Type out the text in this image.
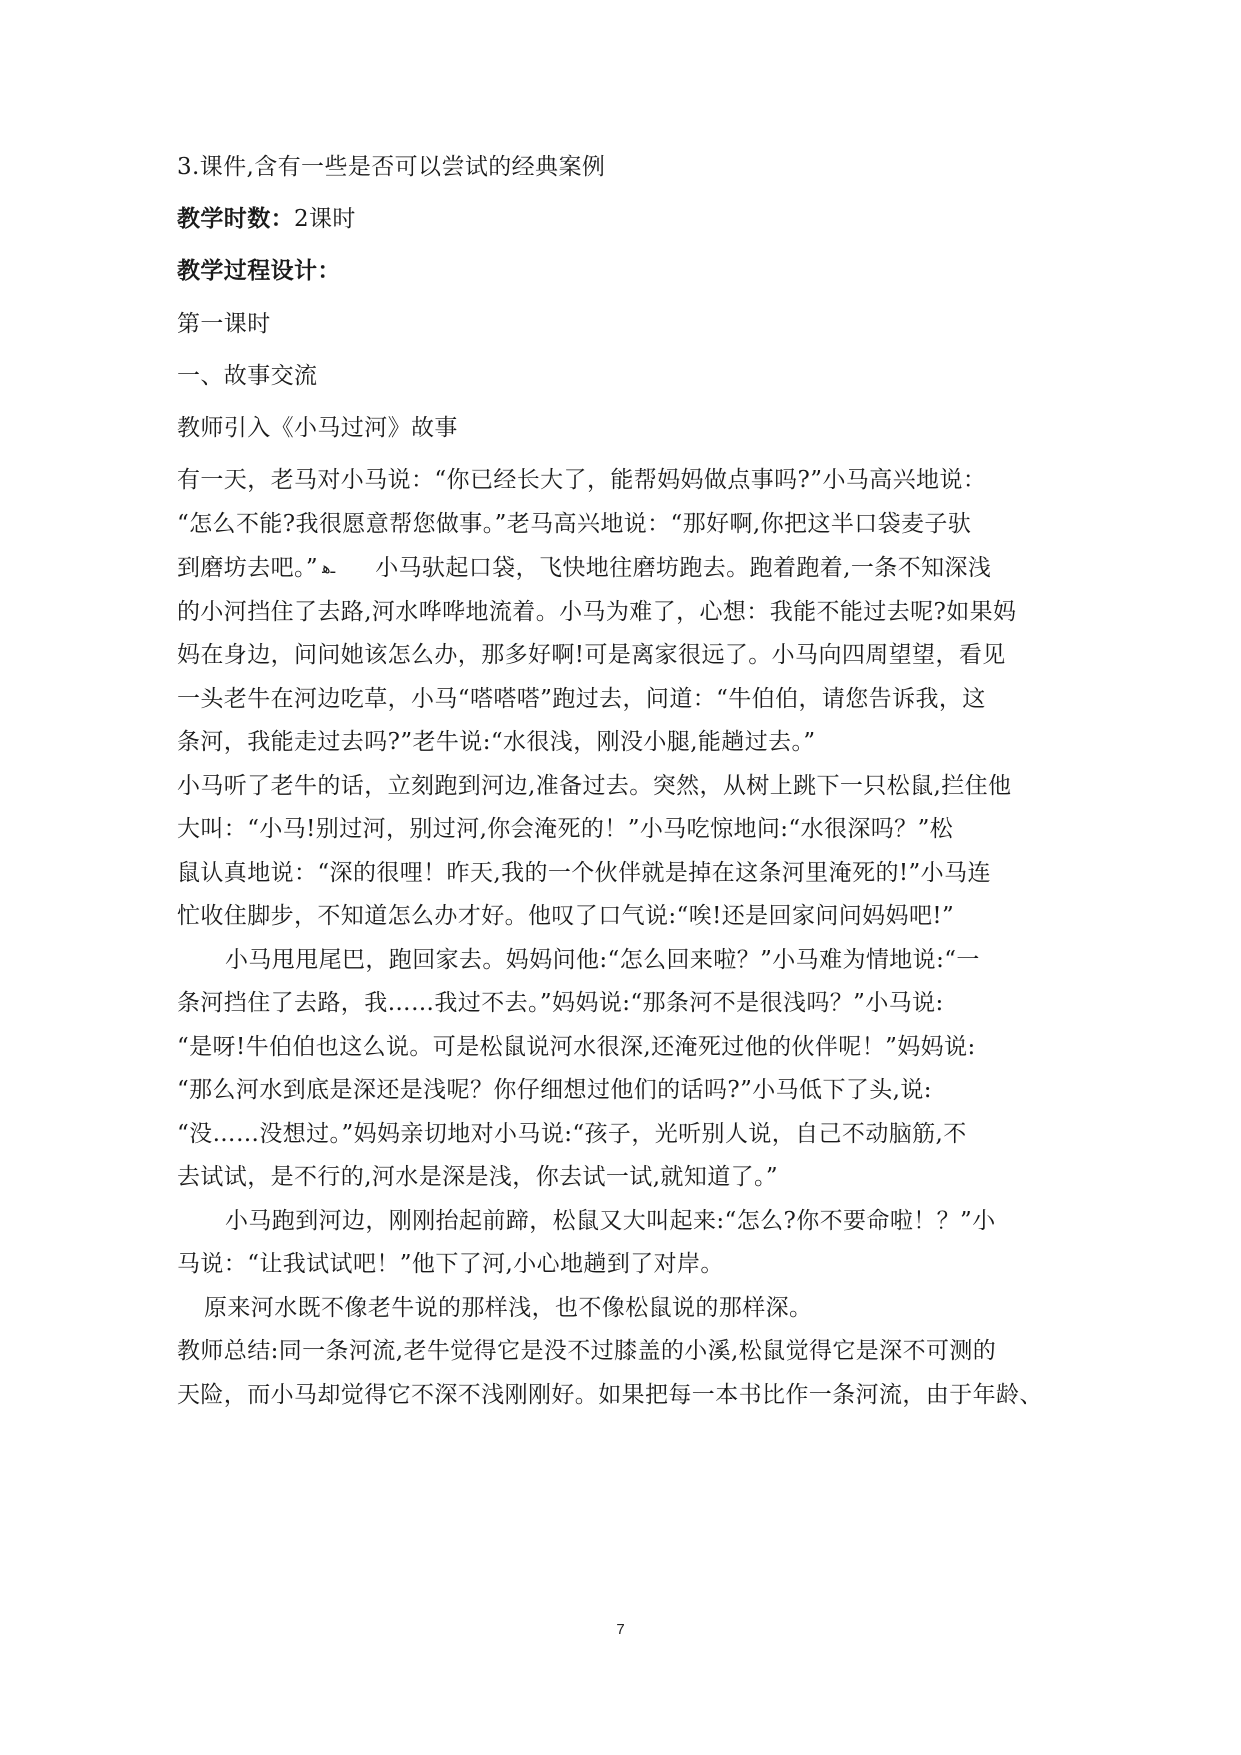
3.课件,含有一些是否可以尝试的经典案例
教学时数：2课时
教学过程设计：
第一课时
一、故事交流
教师引入《小马过河》故事
有一天，老马对小马说：“你已经长大了，能帮妈妈做点事吗?”小马高兴地说：
“怎么不能?我很愿意帮您做事。”老马高兴地说：“那好啊,你把这半口袋麦子驮
到磨坊去吧。” ـﻫ 小马驮起口袋，飞快地往磨坊跑去。跑着跑着,一条不知深浅
的小河挡住了去路,河水哗哗地流着。小马为难了，心想：我能不能过去呢?如果妈
妈在身边，问问她该怎么办，那多好啊!可是离家很远了。小马向四周望望，看见
一头老牛在河边吃草，小马“嗒嗒嗒”跑过去，问道：“牛伯伯，请您告诉我，这
条河，我能走过去吗?”老牛说:“水很浅，刚没小腿,能趟过去。”
小马听了老牛的话，立刻跑到河边,准备过去。突然，从树上跳下一只松鼠,拦住他
大叫：“小马!别过河，别过河,你会淹死的！”小马吃惊地问:“水很深吗？”松
鼠认真地说：“深的很哩！昨天,我的一个伙伴就是掉在这条河里淹死的!”小马连
忙收住脚步，不知道怎么办才好。他叹了口气说:“唉!还是回家问问妈妈吧!”
小马甩甩尾巴，跑回家去。妈妈问他:“怎么回来啦？”小马难为情地说:“一
条河挡住了去路，我……我过不去。”妈妈说:“那条河不是很浅吗？”小马说:
“是呀!牛伯伯也这么说。可是松鼠说河水很深,还淹死过他的伙伴呢！”妈妈说:
“那么河水到底是深还是浅呢？你仔细想过他们的话吗?”小马低下了头,说:
“没……没想过。”妈妈亲切地对小马说:“孩子，光听别人说，自己不动脑筋,不
去试试，是不行的,河水是深是浅，你去试一试,就知道了。”
小马跑到河边，刚刚抬起前蹄，松鼠又大叫起来:“怎么?你不要命啦！？”小
马说：“让我试试吧！”他下了河,小心地趟到了对岸。
原来河水既不像老牛说的那样浅，也不像松鼠说的那样深。
教师总结:同一条河流,老牛觉得它是没不过膝盖的小溪,松鼠觉得它是深不可测的
天险，而小马却觉得它不深不浅刚刚好。如果把每一本书比作一条河流，由于年龄、
7
